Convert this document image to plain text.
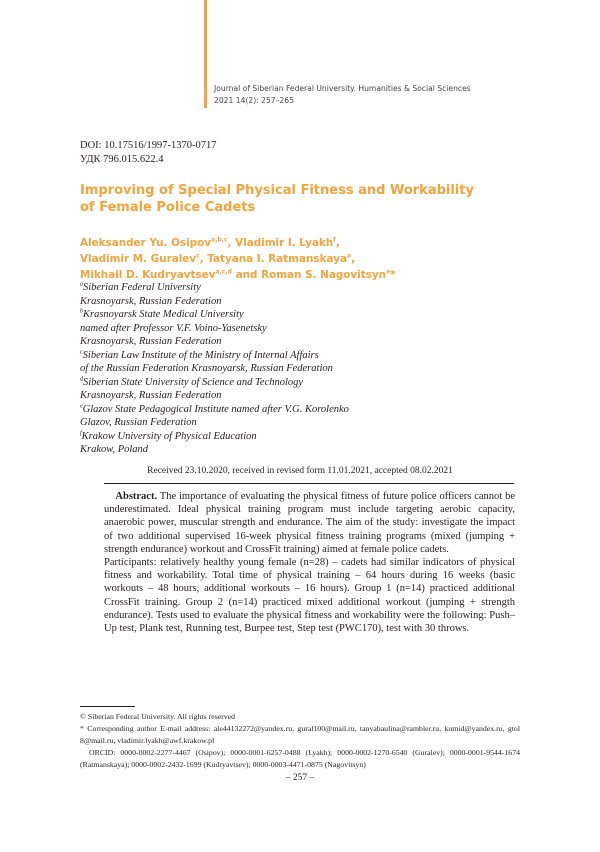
Journal of Siberian Federal University. Humanities & Social Sciences
2021 14(2): 257–265
DOI: 10.17516/1997-1370-0717
УДК 796.015.622.4
Improving of Special Physical Fitness and Workability
of Female Police Cadets
Aleksander Yu. Osipov$^{a,b,c}$, Vladimir I. Lyakh$^f$,
Vladimir M. Guralev$^c$, Tatyana I. Ratmanskaya$^a$,
Mikhail D. Kudryavtsev$^{a,c,d}$ and Roman S. Nagovitsyn$^e$*
$^a$Siberian Federal University
Krasnoyarsk, Russian Federation
$^b$Krasnoyarsk State Medical University
named after Professor V.F. Voino-Yasenetsky
Krasnoyarsk, Russian Federation
$^c$Siberian Law Institute of the Ministry of Internal Affairs
of the Russian Federation Krasnoyarsk, Russian Federation
$^d$Siberian State University of Science and Technology
Krasnoyarsk, Russian Federation
$^e$Glazov State Pedagogical Institute named after V.G. Korolenko
Glazov, Russian Federation
$^f$Krakow University of Physical Education
Krakow, Poland
Received 23.10.2020, received in revised form 11.01.2021, accepted 08.02.2021

  Abstract. The importance of evaluating the physical fitness of future police officers cannot be underestimated. Ideal physical training program must include targeting aerobic capacity, anaerobic power, muscular strength and endurance. The aim of the study: investigate the impact of two additional supervised 16-week physical fitness training programs (mixed (jumping + strength endurance) workout and CrossFit training) aimed at female police cadets.

Participants: relatively healthy young female (n=28) – cadets had similar indicators of physical fitness and workability. Total time of physical training – 64 hours during 16 weeks (basic workouts – 48 hours, additional workouts – 16 hours). Group 1 (n=14) practiced additional CrossFit training. Group 2 (n=14) practiced mixed additional workout (jumping + strength endurance). Tests used to evaluate the physical fitness and workability were the following: Push–Up test, Plank test, Running test, Burpee test, Step test (PWC170), test with 30 throws.

© Siberian Federal University. All rights reserved

* Corresponding author E-mail address: ale44132272@yandex.ru, gural100@mail.ru, tanyabaulina@rambler.ru, kumid@yandex.ru, gtol 8@mail.ru, vladimir.lyakh@awf.krakow.pl

ORCID: 0000-0002-2277-4467 (Osipov); 0000-0001-6257-0488 (Lyakh); 0000-0002-1270-6540 (Guralev); 0000-0001-9544-1674 (Ratmanskaya); 0000-0002-2432-1699 (Kudryavtsev); 0000-0003-4471-0875 (Nagovitsyn)

– 257 –
